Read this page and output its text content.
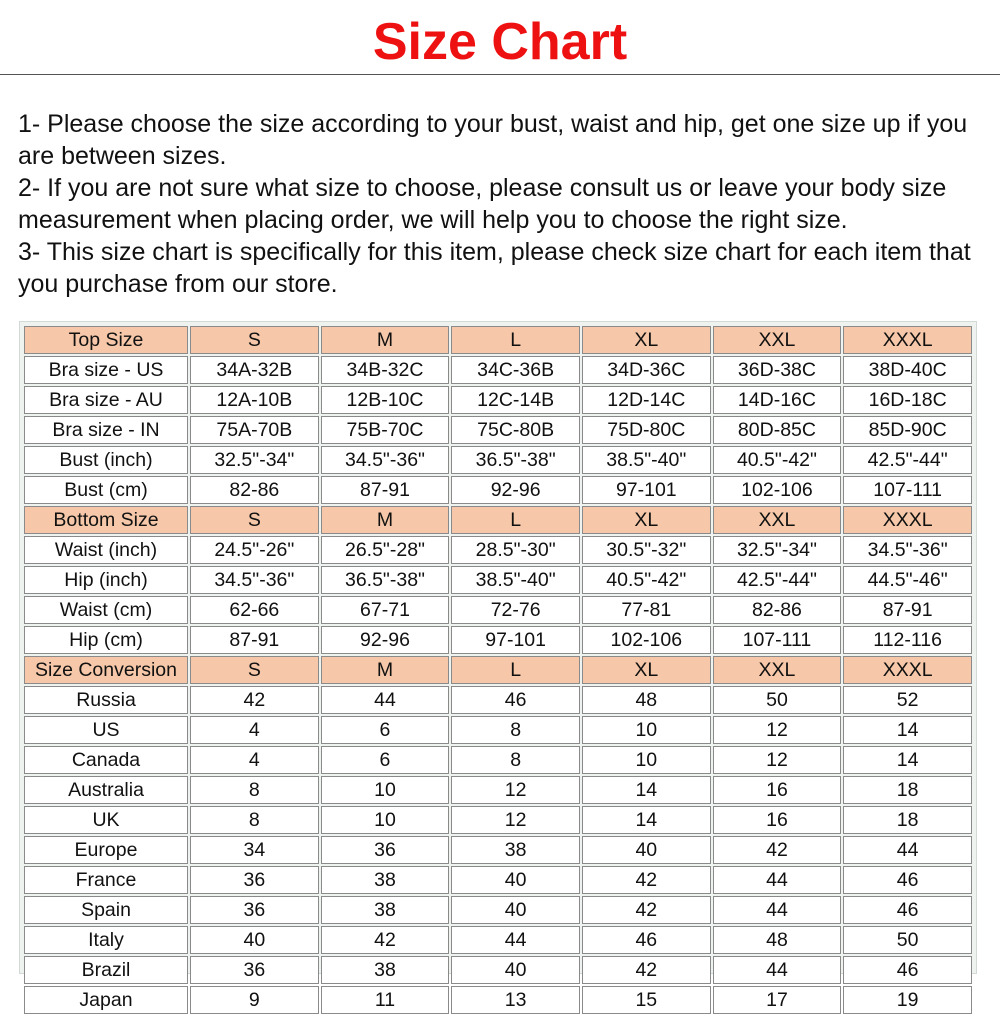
Size Chart

1- Please choose the size according to your bust, waist and hip, get one size up if you are between sizes.

2- If you are not sure what size to choose, please consult us or leave your body size measurement when placing order, we will help you to choose the right size.

3- This size chart is specifically for this item, please check size chart for each item that you purchase from our store.

Top Size	S	M	L	XL	XXL	XXXL
Bra size - US	34A-32B	34B-32C	34C-36B	34D-36C	36D-38C	38D-40C
Bra size - AU	12A-10B	12B-10C	12C-14B	12D-14C	14D-16C	16D-18C
Bra size - IN	75A-70B	75B-70C	75C-80B	75D-80C	80D-85C	85D-90C
Bust (inch)	32.5"-34"	34.5"-36"	36.5"-38"	38.5"-40"	40.5"-42"	42.5"-44"
Bust (cm)	82-86	87-91	92-96	97-101	102-106	107-111
Bottom Size	S	M	L	XL	XXL	XXXL
Waist (inch)	24.5"-26"	26.5"-28"	28.5"-30"	30.5"-32"	32.5"-34"	34.5"-36"
Hip (inch)	34.5"-36"	36.5"-38"	38.5"-40"	40.5"-42"	42.5"-44"	44.5"-46"
Waist (cm)	62-66	67-71	72-76	77-81	82-86	87-91
Hip (cm)	87-91	92-96	97-101	102-106	107-111	112-116
Size Conversion	S	M	L	XL	XXL	XXXL
Russia	42	44	46	48	50	52
US	4	6	8	10	12	14
Canada	4	6	8	10	12	14
Australia	8	10	12	14	16	18
UK	8	10	12	14	16	18
Europe	34	36	38	40	42	44
France	36	38	40	42	44	46
Spain	36	38	40	42	44	46
Italy	40	42	44	46	48	50
Brazil	36	38	40	42	44	46
Japan	9	11	13	15	17	19
